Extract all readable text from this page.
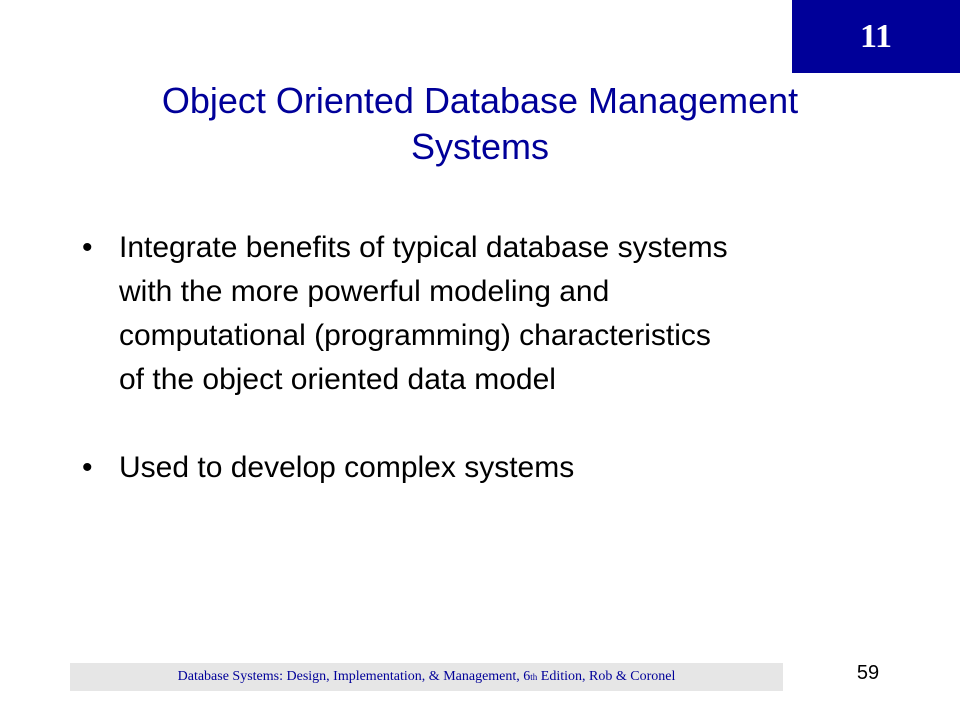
11
Object Oriented Database Management
Systems
• Integrate benefits of typical database systems
with the more powerful modeling and
computational (programming) characteristics
of the object oriented data model
• Used to develop complex systems
Database Systems: Design, Implementation, & Management, 6 th Edition, Rob & Coronel	59
